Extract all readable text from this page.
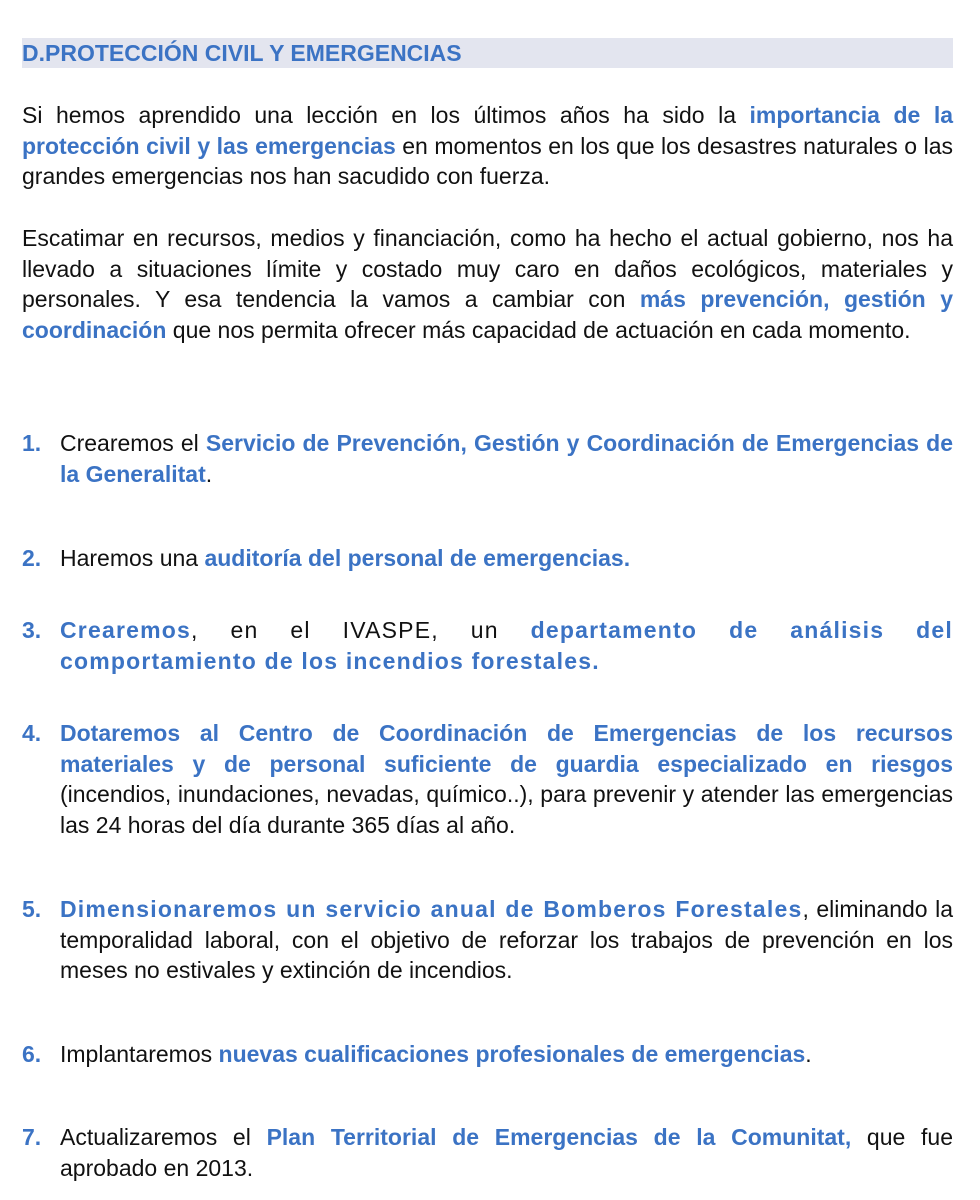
D.PROTECCIÓN CIVIL Y EMERGENCIAS

Si hemos aprendido una lección en los últimos años ha sido la importancia de la protección civil y las emergencias en momentos en los que los desastres naturales o las grandes emergencias nos han sacudido con fuerza.

Escatimar en recursos, medios y financiación, como ha hecho el actual gobierno, nos ha llevado a situaciones límite y costado muy caro en daños ecológicos, materiales y personales. Y esa tendencia la vamos a cambiar con más prevención, gestión y coordinación que nos permita ofrecer más capacidad de actuación en cada momento.

1. Crearemos el Servicio de Prevención, Gestión y Coordinación de Emergencias de la Generalitat.
2. Haremos una auditoría del personal de emergencias.
3. Crearemos, en el IVASPE, un departamento de análisis del comportamiento de los incendios forestales.
4. Dotaremos al Centro de Coordinación de Emergencias de los recursos materiales y de personal suficiente de guardia especializado en riesgos (incendios, inundaciones, nevadas, químico..), para prevenir y atender las emergencias las 24 horas del día durante 365 días al año.
5. Dimensionaremos un servicio anual de Bomberos Forestales, eliminando la temporalidad laboral, con el objetivo de reforzar los trabajos de prevención en los meses no estivales y extinción de incendios.
6. Implantaremos nuevas cualificaciones profesionales de emergencias.
7. Actualizaremos el Plan Territorial de Emergencias de la Comunitat, que fue aprobado en 2013.
